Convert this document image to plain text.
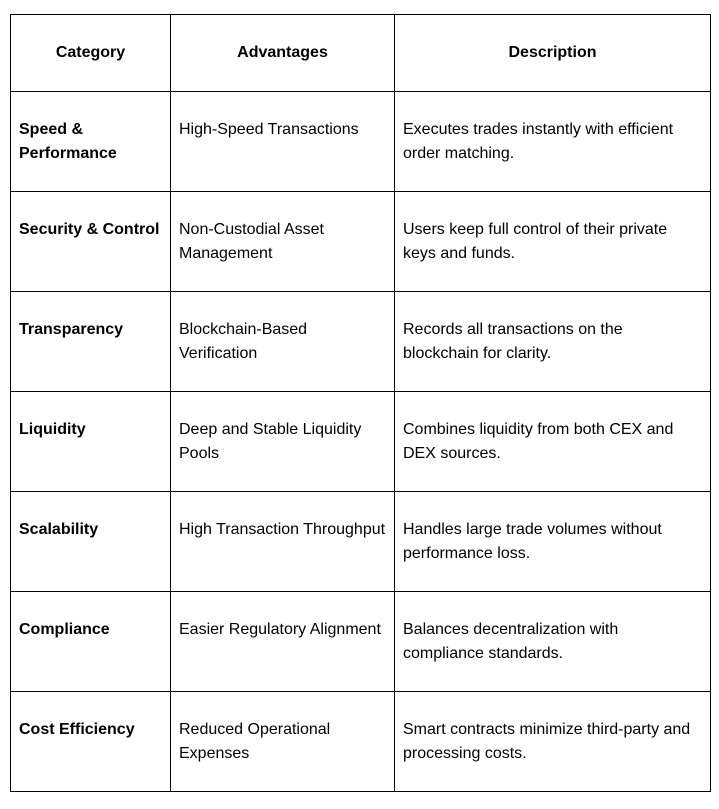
Category	Advantages	Description
Speed & Performance	High-Speed Transactions	Executes trades instantly with efficient order matching.
Security & Control	Non-Custodial Asset Management	Users keep full control of their private keys and funds.
Transparency	Blockchain-Based Verification	Records all transactions on the blockchain for clarity.
Liquidity	Deep and Stable Liquidity Pools	Combines liquidity from both CEX and DEX sources.
Scalability	High Transaction Throughput	Handles large trade volumes without performance loss.
Compliance	Easier Regulatory Alignment	Balances decentralization with compliance standards.
Cost Efficiency	Reduced Operational Expenses	Smart contracts minimize third-party and processing costs.
